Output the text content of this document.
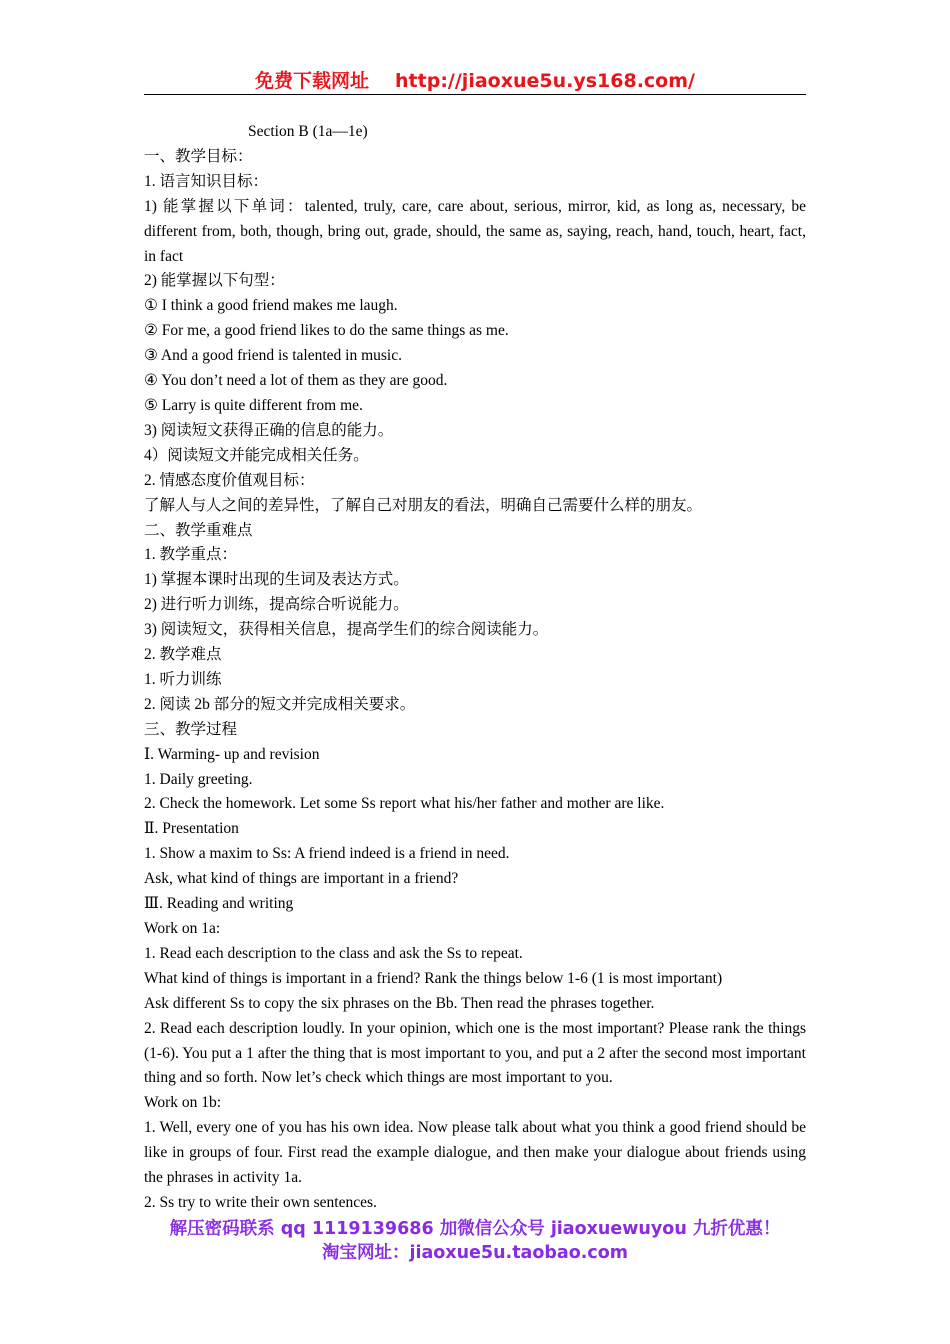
免费下载网址 http://jiaoxue5u.ys168.com/

Section B (1a—1e)

一、教学目标：

1. 语言知识目标：

1) 能掌握以下单词：talented, truly, care, care about, serious, mirror, kid, as long as, necessary, be different from, both, though, bring out, grade, should, the same as, saying, reach, hand, touch, heart, fact, in fact

2) 能掌握以下句型：

① I think a good friend makes me laugh.

② For me, a good friend likes to do the same things as me.

③ And a good friend is talented in music.

④ You don’t need a lot of them as they are good.

⑤ Larry is quite different from me.

3) 阅读短文获得正确的信息的能力。

4）阅读短文并能完成相关任务。

2. 情感态度价值观目标：

了解人与人之间的差异性，了解自己对朋友的看法，明确自己需要什么样的朋友。

二、教学重难点

1. 教学重点：

1) 掌握本课时出现的生词及表达方式。

2) 进行听力训练，提高综合听说能力。

3) 阅读短文，获得相关信息，提高学生们的综合阅读能力。

2. 教学难点

1. 听力训练

2. 阅读 2b 部分的短文并完成相关要求。

三、教学过程

Ⅰ. Warming- up and revision

1. Daily greeting.

2. Check the homework. Let some Ss report what his/her father and mother are like.

Ⅱ. Presentation

1. Show a maxim to Ss: A friend indeed is a friend in need.

Ask, what kind of things are important in a friend?

Ⅲ. Reading and writing

Work on 1a:

1. Read each description to the class and ask the Ss to repeat.

What kind of things is important in a friend? Rank the things below 1-6 (1 is most important)

Ask different Ss to copy the six phrases on the Bb. Then read the phrases together.

2. Read each description loudly. In your opinion, which one is the most important? Please rank the things (1-6). You put a 1 after the thing that is most important to you, and put a 2 after the second most important thing and so forth. Now let’s check which things are most important to you.

Work on 1b:

1. Well, every one of you has his own idea. Now please talk about what you think a good friend should be like in groups of four. First read the example dialogue, and then make your dialogue about friends using the phrases in activity 1a.

2. Ss try to write their own sentences.

解压密码联系 qq 1119139686 加微信公众号 jiaoxuewuyou 九折优惠！
淘宝网址：jiaoxue5u.taobao.com
